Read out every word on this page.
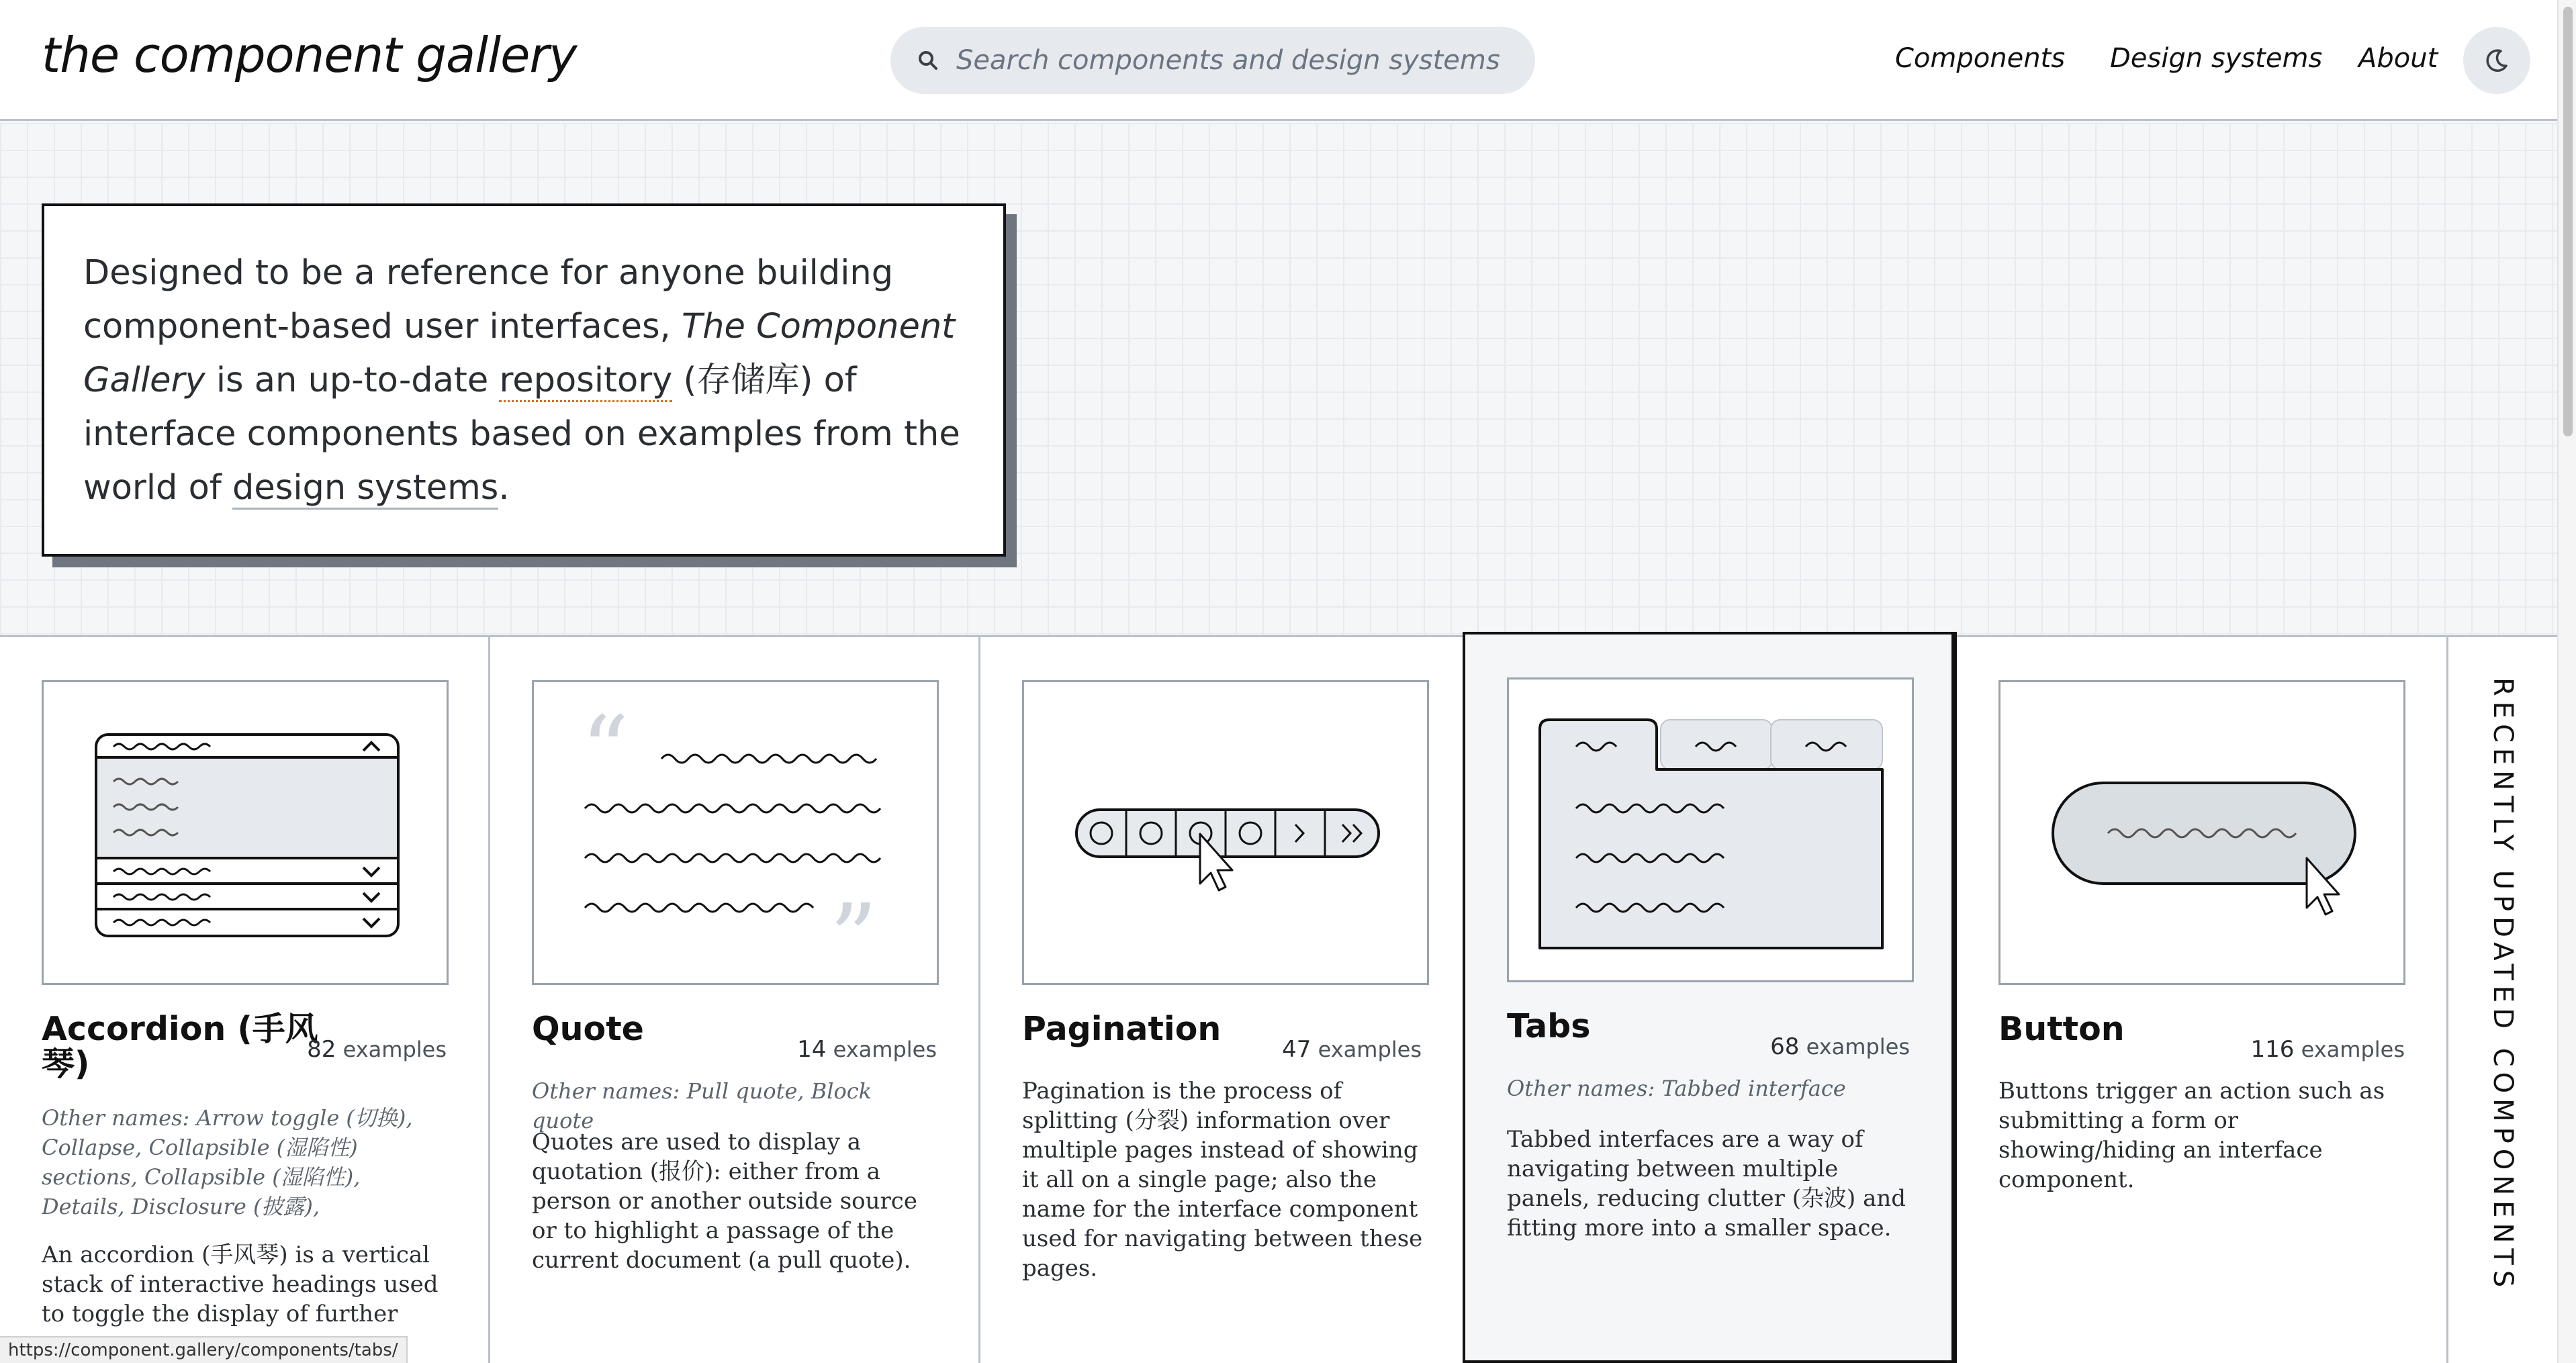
the component gallery
Search components and design systems	Components Design systems About
Designed to be a reference for anyone building component-based user interfaces, The Component Gallery is an up-to-date repository (存储库) of interface components based on examples from the world of design systems.
Accordion (手风琴)	82 examples

Other names: Arrow toggle (切换), Collapse, Collapsible (湿陷性) sections, Collapsible (湿陷性), Details, Disclosure (披露),

An accordion (手风琴) is a vertical stack of interactive headings used to toggle the display of further

“
”
Quote
14 examples

Other names: Pull quote, Block quote

Quotes are used to display a quotation (报价): either from a person or another outside source or to highlight a passage of the current document (a pull quote).

Pagination
47 examples

Pagination is the process of splitting (分裂) information over multiple pages instead of showing it all on a single page; also the name for the interface component used for navigating between these pages.

Tabs
68 examples

Other names: Tabbed interface

Tabbed interfaces are a way of navigating between multiple panels, reducing clutter (杂波) and fitting more into a smaller space.

Button
116 examples

Buttons trigger an action such as submitting a form or showing/hiding an interface component.	RECENTLY UPDATED COMPONENTS
https://component.gallery/components/tabs/
